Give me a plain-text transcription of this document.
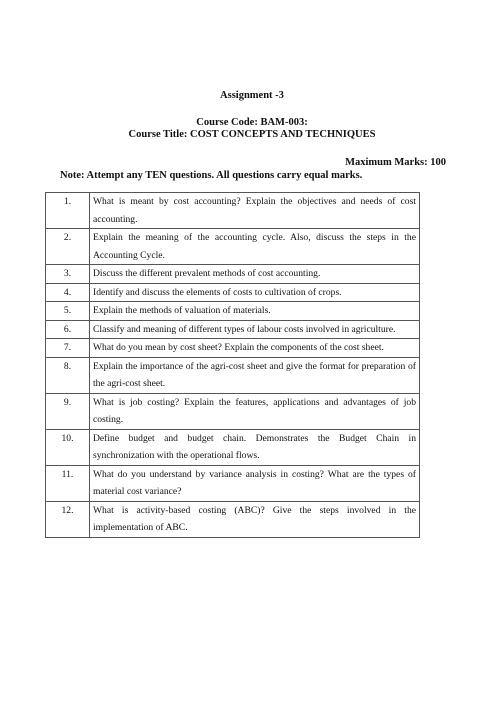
Assignment -3
Course Code: BAM-003:
Course Title: COST CONCEPTS AND TECHNIQUES
Maximum Marks: 100
Note: Attempt any TEN questions. All questions carry equal marks.
1.	What is meant by cost accounting? Explain the objectives and needs of cost accounting.
2.	Explain the meaning of the accounting cycle. Also, discuss the steps in the Accounting Cycle.
3.	Discuss the different prevalent methods of cost accounting.
4.	Identify and discuss the elements of costs to cultivation of crops.
5.	Explain the methods of valuation of materials.
6.	Classify and meaning of different types of labour costs involved in agriculture.
7.	What do you mean by cost sheet? Explain the components of the cost sheet.
8.	Explain the importance of the agri-cost sheet and give the format for preparation of the agri-cost sheet.
9.	What is job costing? Explain the features, applications and advantages of job costing.
10.	Define budget and budget chain. Demonstrates the Budget Chain in synchronization with the operational flows.
11.	What do you understand by variance analysis in costing? What are the types of material cost variance?
12.	What is activity-based costing (ABC)? Give the steps involved in the implementation of ABC.
